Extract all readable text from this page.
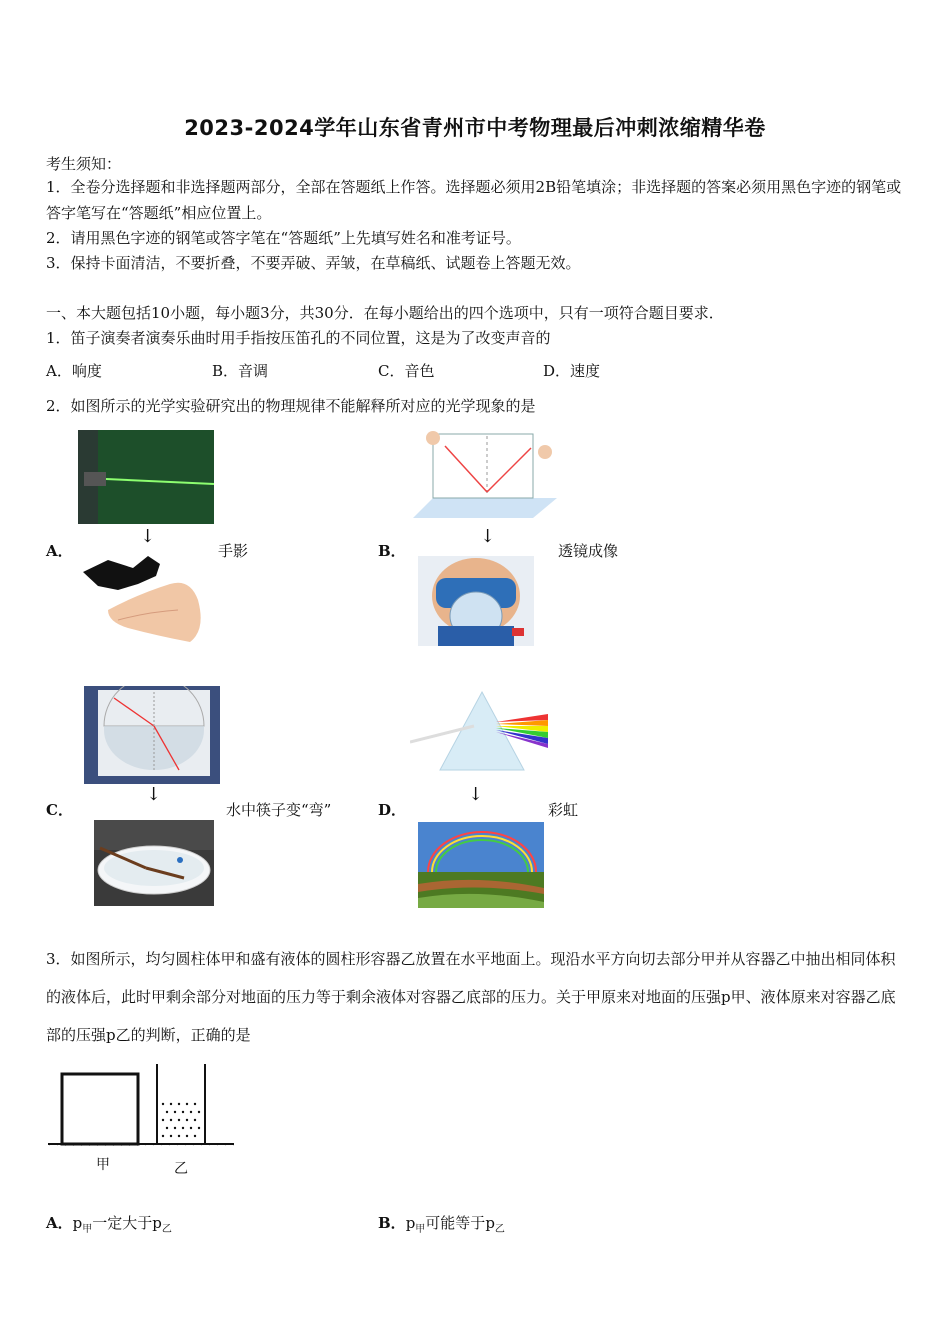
2023-2024学年山东省青州市中考物理最后冲刺浓缩精华卷
考生须知：
1．全卷分选择题和非选择题两部分，全部在答题纸上作答。选择题必须用2B铅笔填涂；非选择题的答案必须用黑色字迹的钢笔或答字笔写在“答题纸”相应位置上。
2．请用黑色字迹的钢笔或答字笔在“答题纸”上先填写姓名和准考证号。
3．保持卡面清洁，不要折叠，不要弄破、弄皱，在草稿纸、试题卷上答题无效。
一、本大题包括10小题，每小题3分，共30分．在每小题给出的四个选项中，只有一项符合题目要求．
1．笛子演奏者演奏乐曲时用手指按压笛孔的不同位置，这是为了改变声音的
A．响度	B．音调	C．音色	D．速度
2．如图所示的光学实验研究出的物理规律不能解释所对应的光学现象的是
↓
A．	手影
↓
B．	透镜成像
↓
C．	水中筷子变“弯”
↓
D．	彩虹
3．如图所示，均匀圆柱体甲和盛有液体的圆柱形容器乙放置在水平地面上。现沿水平方向切去部分甲并从容器乙中抽出相同体积的液体后，此时甲剩余部分对地面的压力等于剩余液体对容器乙底部的压力。关于甲原来对地面的压强p甲、液体原来对容器乙底部的压强p乙的判断，正确的是
甲	乙
A．$p_甲$一定大于$p_乙$	B．$p_甲$可能等于$p_乙$
